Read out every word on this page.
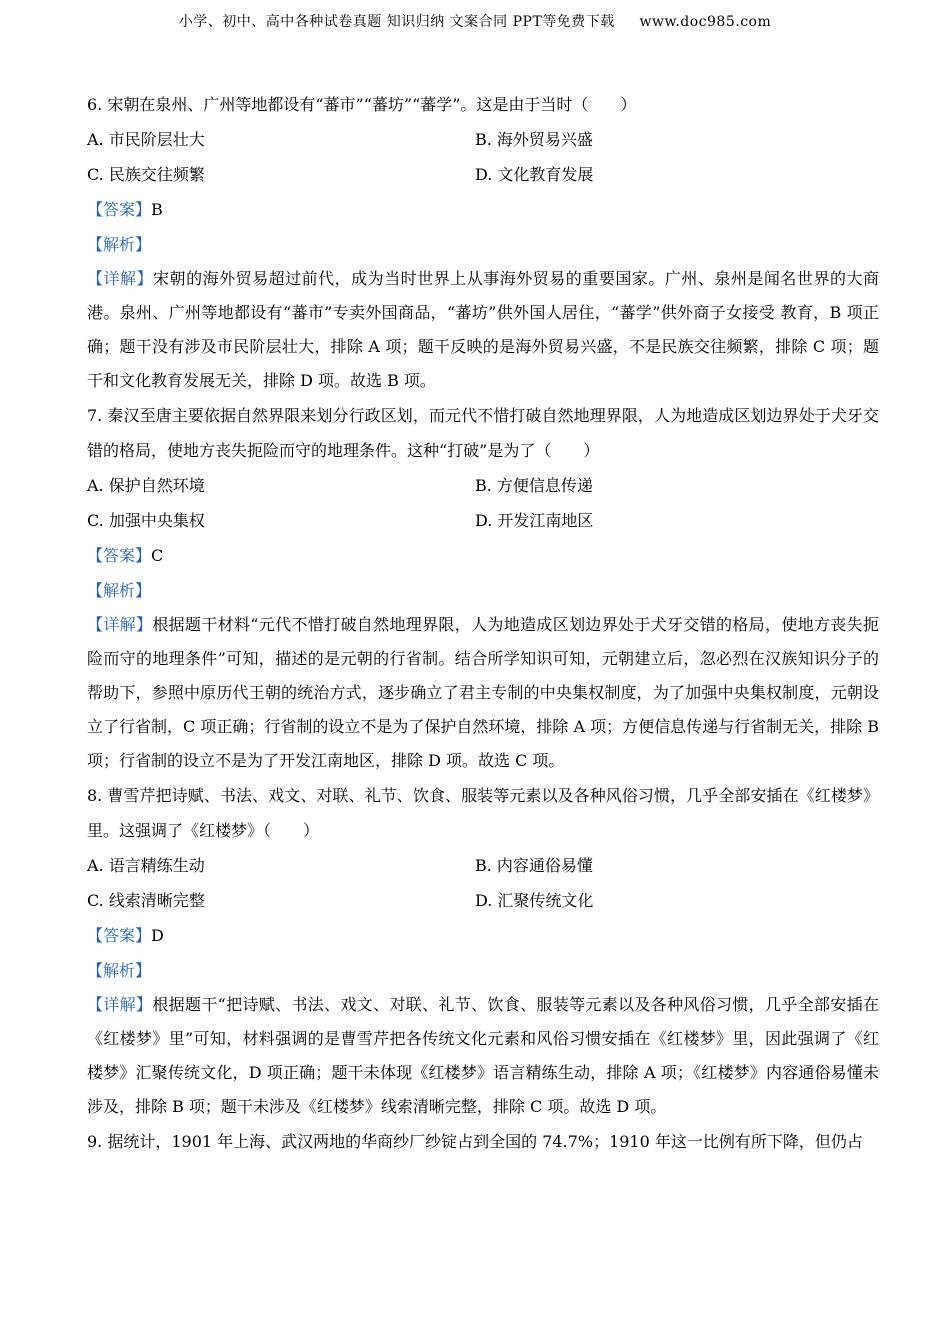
小学、初中、高中各种试卷真题 知识归纳 文案合同 PPT等免费下载 www.doc985.com
6. 宋朝在泉州、广州等地都设有“蕃市”“蕃坊”“蕃学”。这是由于当时（　　）
A. 市民阶层壮大	B. 海外贸易兴盛
C. 民族交往频繁	D. 文化教育发展
【答案】B
【解析】

【详解】宋朝的海外贸易超过前代，成为当时世界上从事海外贸易的重要国家。广州、泉州是闻名世界的大商港。泉州、广州等地都设有“蕃市”专卖外国商品，“蕃坊”供外国人居住，“蕃学”供外商子女接受 教育，B 项正确；题干没有涉及市民阶层壮大，排除 A 项；题干反映的是海外贸易兴盛，不是民族交往频繁，排除 C 项；题干和文化教育发展无关，排除 D 项。故选 B 项。

7. 秦汉至唐主要依据自然界限来划分行政区划，而元代不惜打破自然地理界限，人为地造成区划边界处于犬牙交错的格局，使地方丧失扼险而守的地理条件。这种“打破”是为了（　　）

A. 保护自然环境	B. 方便信息传递
C. 加强中央集权	D. 开发江南地区
【答案】C
【解析】

【详解】根据题干材料“元代不惜打破自然地理界限，人为地造成区划边界处于犬牙交错的格局，使地方丧失扼险而守的地理条件”可知，描述的是元朝的行省制。结合所学知识可知，元朝建立后，忽必烈在汉族知识分子的帮助下，参照中原历代王朝的统治方式，逐步确立了君主专制的中央集权制度，为了加强中央集权制度，元朝设立了行省制，C 项正确；行省制的设立不是为了保护自然环境，排除 A 项；方便信息传递与行省制无关，排除 B 项；行省制的设立不是为了开发江南地区，排除 D 项。故选 C 项。

8. 曹雪芹把诗赋、书法、戏文、对联、礼节、饮食、服装等元素以及各种风俗习惯，几乎全部安插在《红楼梦》里。这强调了《红楼梦》（　　）

A. 语言精练生动	B. 内容通俗易懂
C. 线索清晰完整	D. 汇聚传统文化
【答案】D
【解析】

【详解】根据题干“把诗赋、书法、戏文、对联、礼节、饮食、服装等元素以及各种风俗习惯，几乎全部安插在《红楼梦》里”可知，材料强调的是曹雪芹把各传统文化元素和风俗习惯安插在《红楼梦》里，因此强调了《红楼梦》汇聚传统文化，D 项正确；题干未体现《红楼梦》语言精练生动，排除 A 项；《红楼梦》内容通俗易懂未涉及，排除 B 项；题干未涉及《红楼梦》线索清晰完整，排除 C 项。故选 D 项。

9. 据统计，1901 年上海、武汉两地的华商纱厂纱锭占到全国的 74.7%；1910 年这一比例有所下降，但仍占
